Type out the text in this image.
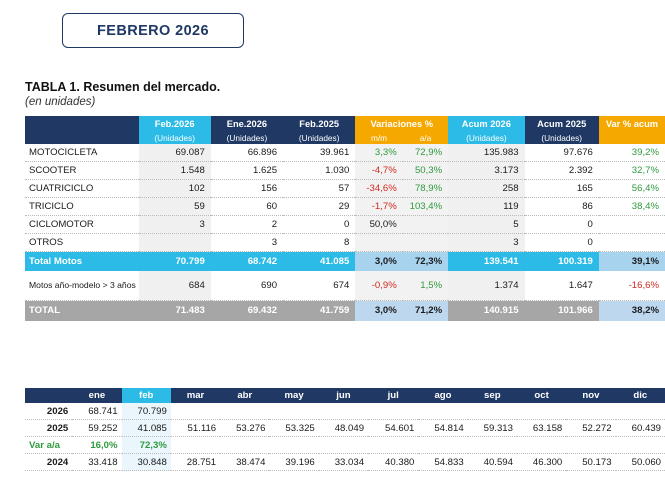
FEBRERO 2026
TABLA 1. Resumen del mercado.
(en unidades)
	Feb.2026	Ene.2026	Feb.2025	Variaciones %		Acum 2026	Acum 2025	Var % acum
	(Unidades)	(Unidades)	(Unidades)	m/m	a/a	(Unidades)	(Unidades)	
MOTOCICLETA	69.087	66.896	39.961	3,3%	72,9%	135.983	97.676	39,2%
SCOOTER	1.548	1.625	1.030	-4,7%	50,3%	3.173	2.392	32,7%
CUATRICICLO	102	156	57	-34,6%	78,9%	258	165	56,4%
TRICICLO	59	60	29	-1,7%	103,4%	119	86	38,4%
CICLOMOTOR	3	2	0	50,0%		5	0	
OTROS		3	8			3	0	
Total Motos	70.799	68.742	41.085	3,0%	72,3%	139.541	100.319	39,1%
Motos año-modelo > 3 años	684	690	674	-0,9%	1,5%	1.374	1.647	-16,6%
TOTAL	71.483	69.432	41.759	3,0%	71,2%	140.915	101.966	38,2%
	ene	feb	mar	abr	may	jun	jul	ago	sep	oct	nov	dic
2026	68.741	70.799										
2025	59.252	41.085	51.116	53.276	53.325	48.049	54.601	54.814	59.313	63.158	52.272	60.439
Var a/a	16,0%	72,3%										
2024	33.418	30.848	28.751	38.474	39.196	33.034	40.380	54.833	40.594	46.300	50.173	50.060
